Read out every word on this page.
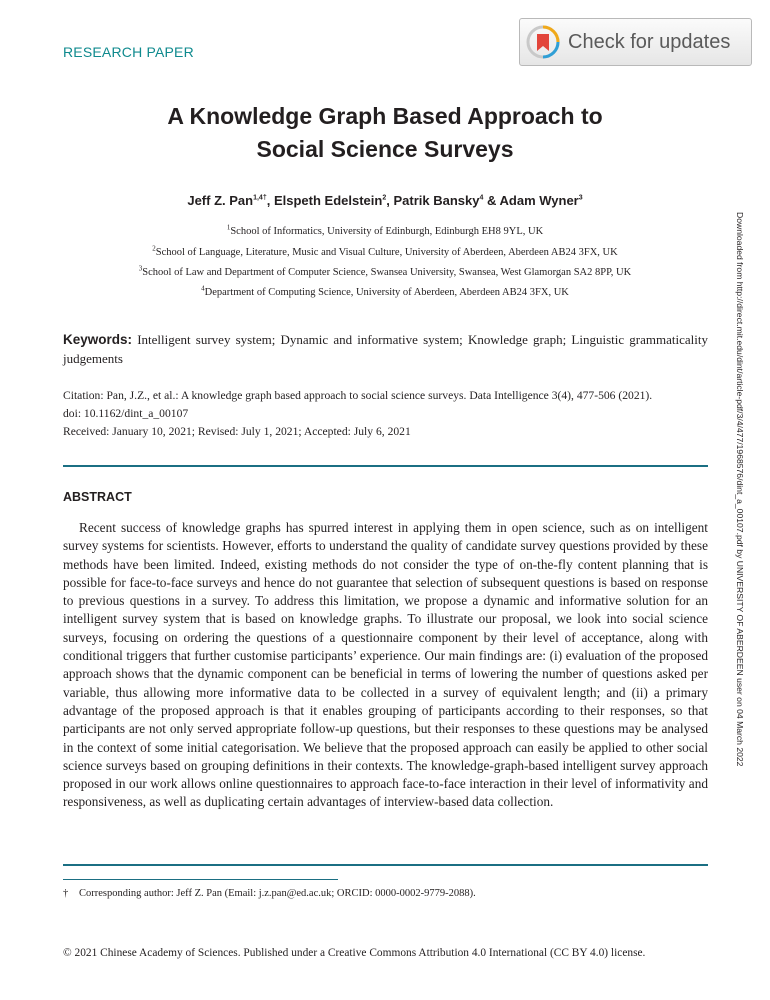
RESEARCH PAPER	Check for updates
A Knowledge Graph Based Approach to
Social Science Surveys
Jeff Z. Pan$^{1,4\dagger}$, Elspeth Edelstein$^2$, Patrik Bansky$^4$ & Adam Wyner$^3$
$^1$School of Informatics, University of Edinburgh, Edinburgh EH8 9YL, UK
$^2$School of Language, Literature, Music and Visual Culture, University of Aberdeen, Aberdeen AB24 3FX, UK
$^3$School of Law and Department of Computer Science, Swansea University, Swansea, West Glamorgan SA2 8PP, UK
$^4$Department of Computing Science, University of Aberdeen, Aberdeen AB24 3FX, UK
Keywords: Intelligent survey system; Dynamic and informative system; Knowledge graph; Linguistic grammaticality judgements
Citation: Pan, J.Z., et al.: A knowledge graph based approach to social science surveys. Data Intelligence 3(4), 477-506 (2021).
doi: 10.1162/dint_a_00107
Received: January 10, 2021; Revised: July 1, 2021; Accepted: July 6, 2021
ABSTRACT

Recent success of knowledge graphs has spurred interest in applying them in open science, such as on intelligent survey systems for scientists. However, efforts to understand the quality of candidate survey questions provided by these methods have been limited. Indeed, existing methods do not consider the type of on-the-fly content planning that is possible for face-to-face surveys and hence do not guarantee that selection of subsequent questions is based on response to previous questions in a survey. To address this limitation, we propose a dynamic and informative solution for an intelligent survey system that is based on knowledge graphs. To illustrate our proposal, we look into social science surveys, focusing on ordering the questions of a questionnaire component by their level of acceptance, along with conditional triggers that further customise participants’ experience. Our main findings are: (i) evaluation of the proposed approach shows that the dynamic component can be beneficial in terms of lowering the number of questions asked per variable, thus allowing more informative data to be collected in a survey of equivalent length; and (ii) a primary advantage of the proposed approach is that it enables grouping of participants according to their responses, so that participants are not only served appropriate follow-up questions, but their responses to these questions may be analysed in the context of some initial categorisation. We believe that the proposed approach can easily be applied to other social science surveys based on grouping definitions in their contexts. The knowledge-graph-based intelligent survey approach proposed in our work allows online questionnaires to approach face-to-face interaction in their level of informativity and responsiveness, as well as duplicating certain advantages of interview-based data collection.

† Corresponding author: Jeff Z. Pan (Email: j.z.pan@ed.ac.uk; ORCID: 0000-0002-9779-2088).
© 2021 Chinese Academy of Sciences. Published under a Creative Commons Attribution 4.0 International (CC BY 4.0) license.
Downloaded from http://direct.mit.edu/dint/article-pdf/3/4/477/1968576/dint_a_00107.pdf by UNIVERSITY OF ABERDEEN user on 04 March 2022
